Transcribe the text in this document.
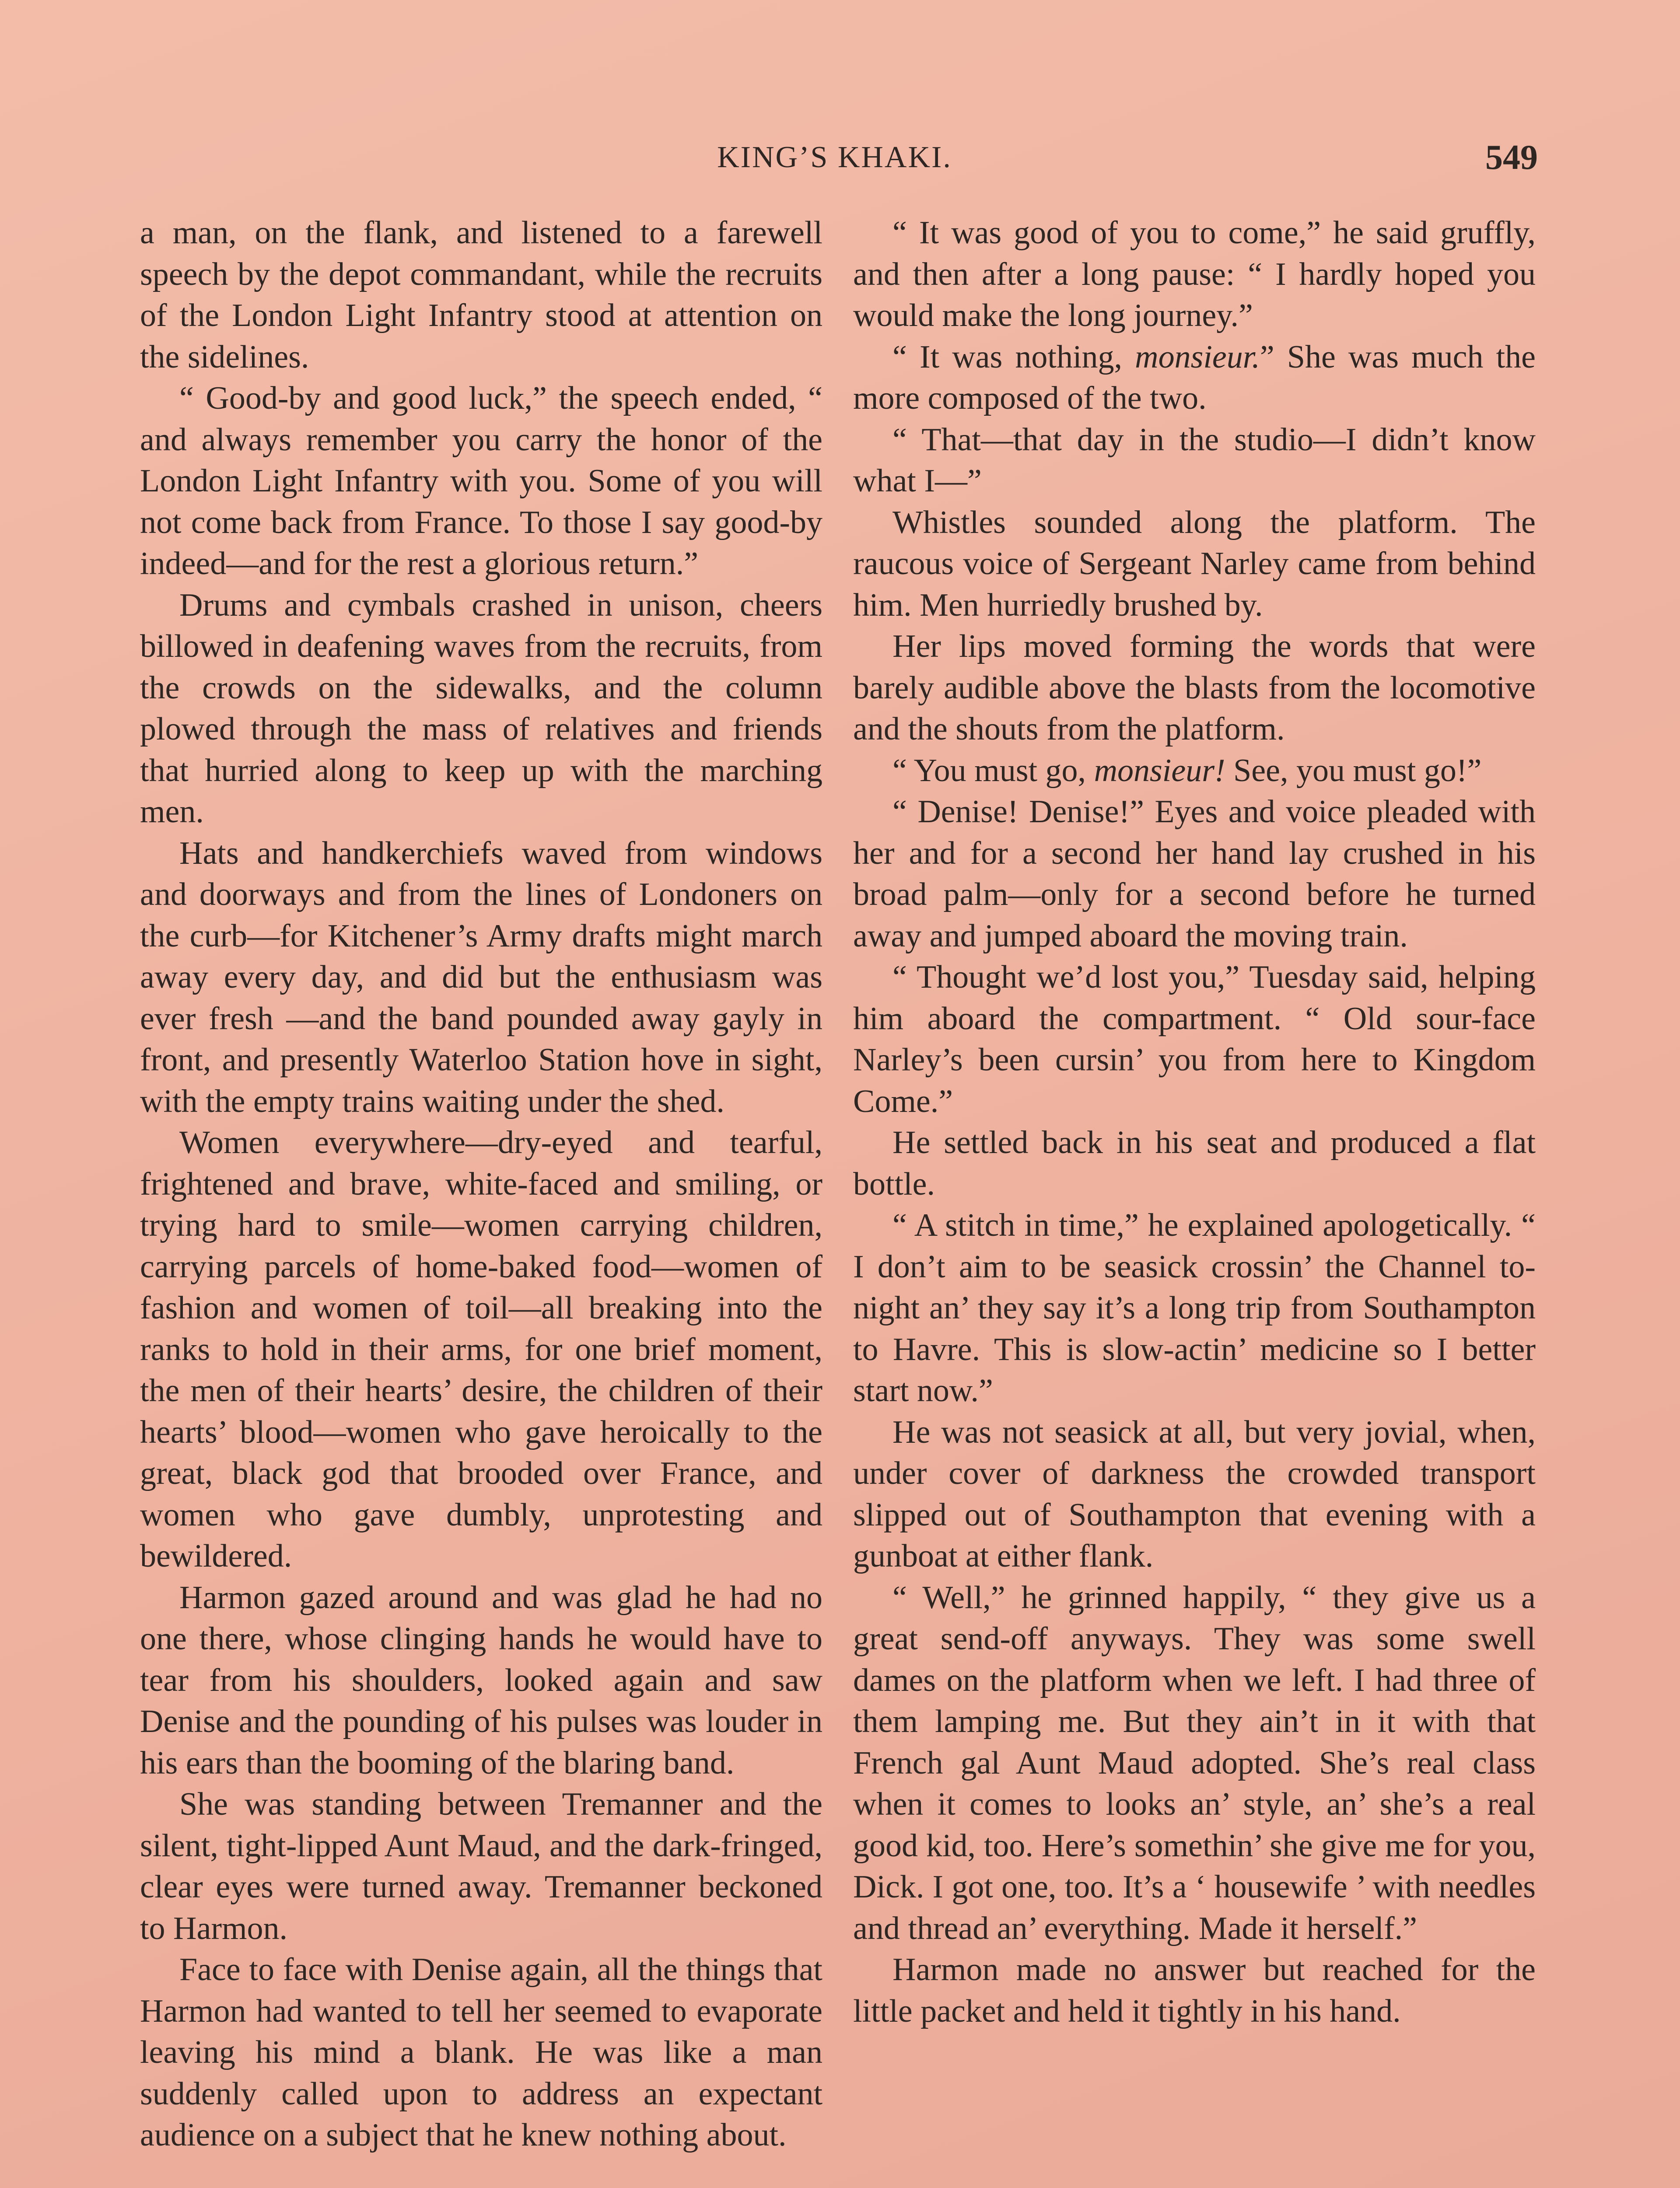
KING’S KHAKI.	549

a man, on the flank, and listened to a farewell speech by the depot commandant, while the recruits of the London Light Infantry stood at attention on the sidelines.

“ Good-by and good luck,” the speech ended, “ and always remember you carry the honor of the London Light Infantry with you. Some of you will not come back from France. To those I say good-by indeed—and for the rest a glorious return.”

Drums and cymbals crashed in unison, cheers billowed in deafening waves from the recruits, from the crowds on the sidewalks, and the column plowed through the mass of relatives and friends that hurried along to keep up with the marching men.

Hats and handkerchiefs waved from windows and doorways and from the lines of Londoners on the curb—for Kitchener’s Army drafts might march away every day, and did but the enthusiasm was ever fresh —and the band pounded away gayly in front, and presently Waterloo Station hove in sight, with the empty trains waiting under the shed.

Women everywhere—dry-eyed and tearful, frightened and brave, white-faced and smiling, or trying hard to smile—women carrying children, carrying parcels of home-baked food—women of fashion and women of toil—all breaking into the ranks to hold in their arms, for one brief moment, the men of their hearts’ desire, the children of their hearts’ blood—women who gave heroically to the great, black god that brooded over France, and women who gave dumbly, unprotesting and bewildered.

Harmon gazed around and was glad he had no one there, whose clinging hands he would have to tear from his shoulders, looked again and saw Denise and the pounding of his pulses was louder in his ears than the booming of the blaring band.

She was standing between Tremanner and the silent, tight-lipped Aunt Maud, and the dark-fringed, clear eyes were turned away. Tremanner beckoned to Harmon.

Face to face with Denise again, all the things that Harmon had wanted to tell her seemed to evaporate leaving his mind a blank. He was like a man suddenly called upon to address an expectant audience on a subject that he knew nothing about.

“ It was good of you to come,” he said gruffly, and then after a long pause: “ I hardly hoped you would make the long journey.”

“ It was nothing, monsieur.” She was much the more composed of the two.

“ That—that day in the studio—I didn’t know what I—”

Whistles sounded along the platform. The raucous voice of Sergeant Narley came from behind him. Men hurriedly brushed by.

Her lips moved forming the words that were barely audible above the blasts from the locomotive and the shouts from the platform.

“ You must go, monsieur! See, you must go!”

“ Denise! Denise!” Eyes and voice pleaded with her and for a second her hand lay crushed in his broad palm—only for a second before he turned away and jumped aboard the moving train.

“ Thought we’d lost you,” Tuesday said, helping him aboard the compartment. “ Old sour-face Narley’s been cursin’ you from here to Kingdom Come.”

He settled back in his seat and produced a flat bottle.

“ A stitch in time,” he explained apologetically. “ I don’t aim to be seasick crossin’ the Channel to-night an’ they say it’s a long trip from Southampton to Havre. This is slow-actin’ medicine so I better start now.”

He was not seasick at all, but very jovial, when, under cover of darkness the crowded transport slipped out of Southampton that evening with a gunboat at either flank.

“ Well,” he grinned happily, “ they give us a great send-off anyways. They was some swell dames on the platform when we left. I had three of them lamping me. But they ain’t in it with that French gal Aunt Maud adopted. She’s real class when it comes to looks an’ style, an’ she’s a real good kid, too. Here’s somethin’ she give me for you, Dick. I got one, too. It’s a ‘ housewife ’ with needles and thread an’ everything. Made it herself.”

Harmon made no answer but reached for the little packet and held it tightly in his hand.
